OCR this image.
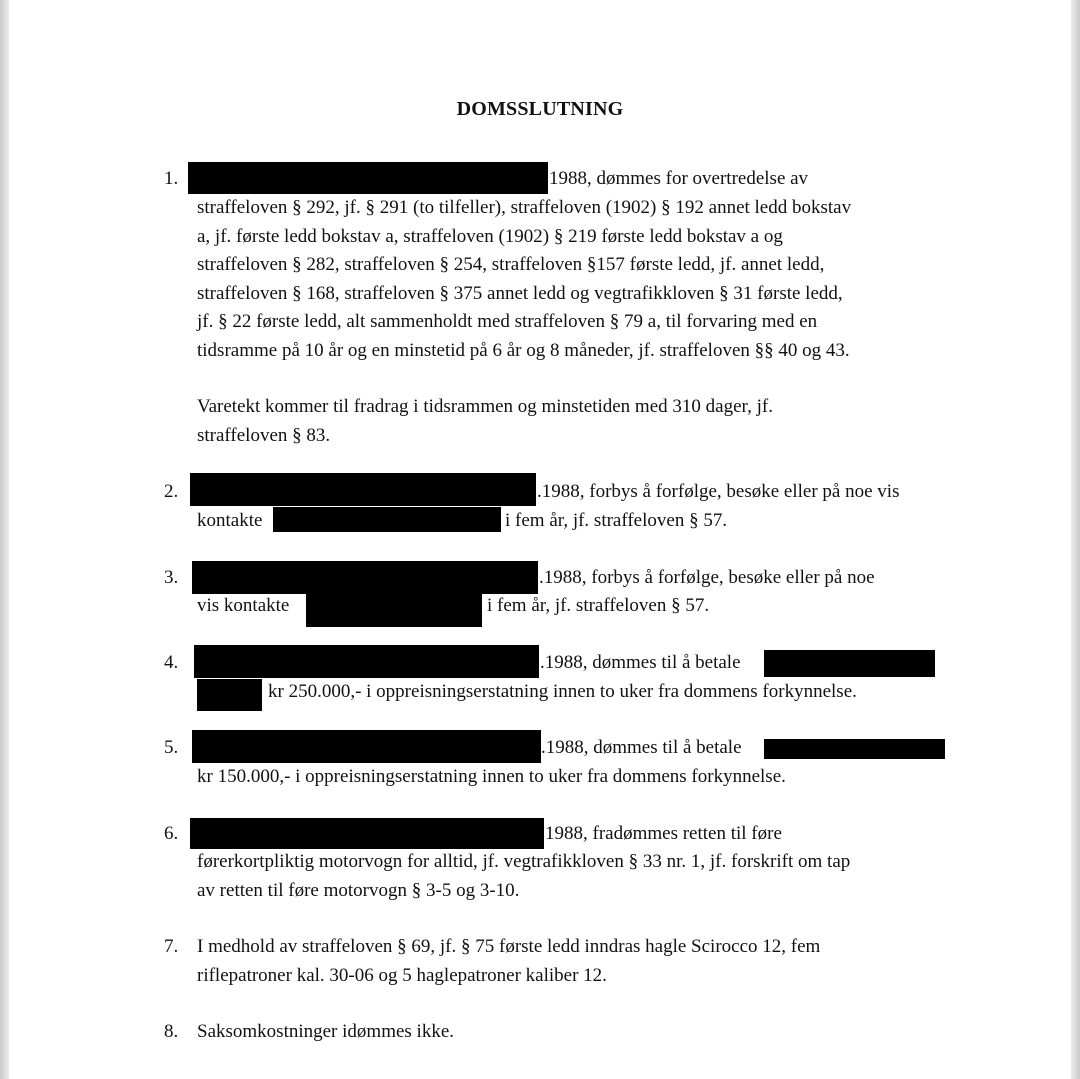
DOMSSLUTNING
1.	1988, dømmes for overtredelse av
straffeloven § 292, jf. § 291 (to tilfeller), straffeloven (1902) § 192 annet ledd bokstav
a, jf. første ledd bokstav a, straffeloven (1902) § 219 første ledd bokstav a og
straffeloven § 282, straffeloven § 254, straffeloven §157 første ledd, jf. annet ledd,
straffeloven § 168, straffeloven § 375 annet ledd og vegtrafikkloven § 31 første ledd,
jf. § 22 første ledd, alt sammenholdt med straffeloven § 79 a, til forvaring med en
tidsramme på 10 år og en minstetid på 6 år og 8 måneder, jf. straffeloven §§ 40 og 43.
Varetekt kommer til fradrag i tidsrammen og minstetiden med 310 dager, jf.
straffeloven § 83.
2.	.1988, forbys å forfølge, besøke eller på noe vis
kontakte	i fem år, jf. straffeloven § 57.
3.	.1988, forbys å forfølge, besøke eller på noe
vis kontakte	i fem år, jf. straffeloven § 57.
4.	.1988, dømmes til å betale
kr 250.000,- i oppreisningserstatning innen to uker fra dommens forkynnelse.
5.	.1988, dømmes til å betale
kr 150.000,- i oppreisningserstatning innen to uker fra dommens forkynnelse.
6.	1988, fradømmes retten til føre
førerkortpliktig motorvogn for alltid, jf. vegtrafikkloven § 33 nr. 1, jf. forskrift om tap
av retten til føre motorvogn § 3-5 og 3-10.
7. I medhold av straffeloven § 69, jf. § 75 første ledd inndras hagle Scirocco 12, fem
riflepatroner kal. 30-06 og 5 haglepatroner kaliber 12.
8. Saksomkostninger idømmes ikke.
